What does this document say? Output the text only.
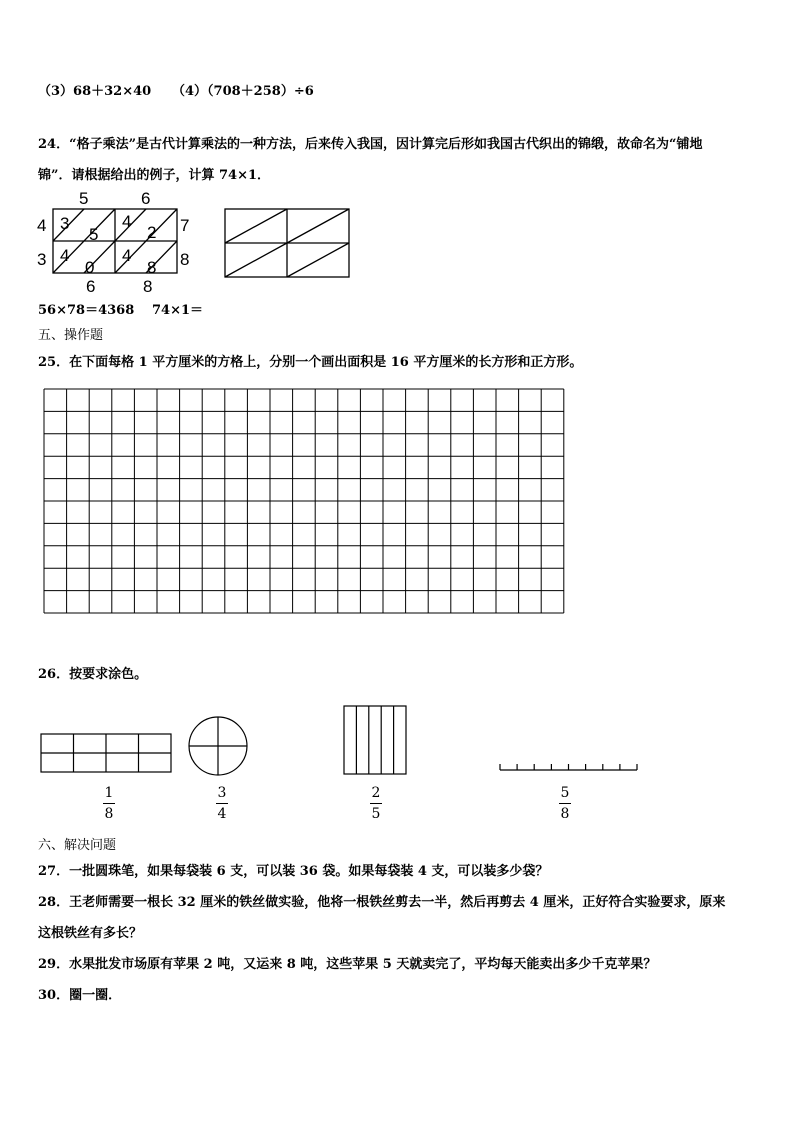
（3）68＋32×40 （4）（708＋258）÷6
24．“格子乘法”是古代计算乘法的一种方法，后来传入我国，因计算完后形如我国古代织出的锦缎，故命名为“铺地
锦”．请根据给出的例子，计算 74×1．
5	6
4
3
7
8
6	8
3
5
4
2
4
0
4
8
56×78＝4368 74×1＝
五、操作题
25．在下面每格 1 平方厘米的方格上，分别一个画出面积是 16 平方厘米的长方形和正方形。
26．按要求涂色。
1
8
3
4
2
5
5
8
六、解决问题
27．一批圆珠笔，如果每袋装 6 支，可以装 36 袋。如果每袋装 4 支，可以装多少袋？
28．王老师需要一根长 32 厘米的铁丝做实验，他将一根铁丝剪去一半，然后再剪去 4 厘米，正好符合实验要求，原来
这根铁丝有多长？
29．水果批发市场原有苹果 2 吨，又运来 8 吨，这些苹果 5 天就卖完了，平均每天能卖出多少千克苹果？
30．圈一圈．
